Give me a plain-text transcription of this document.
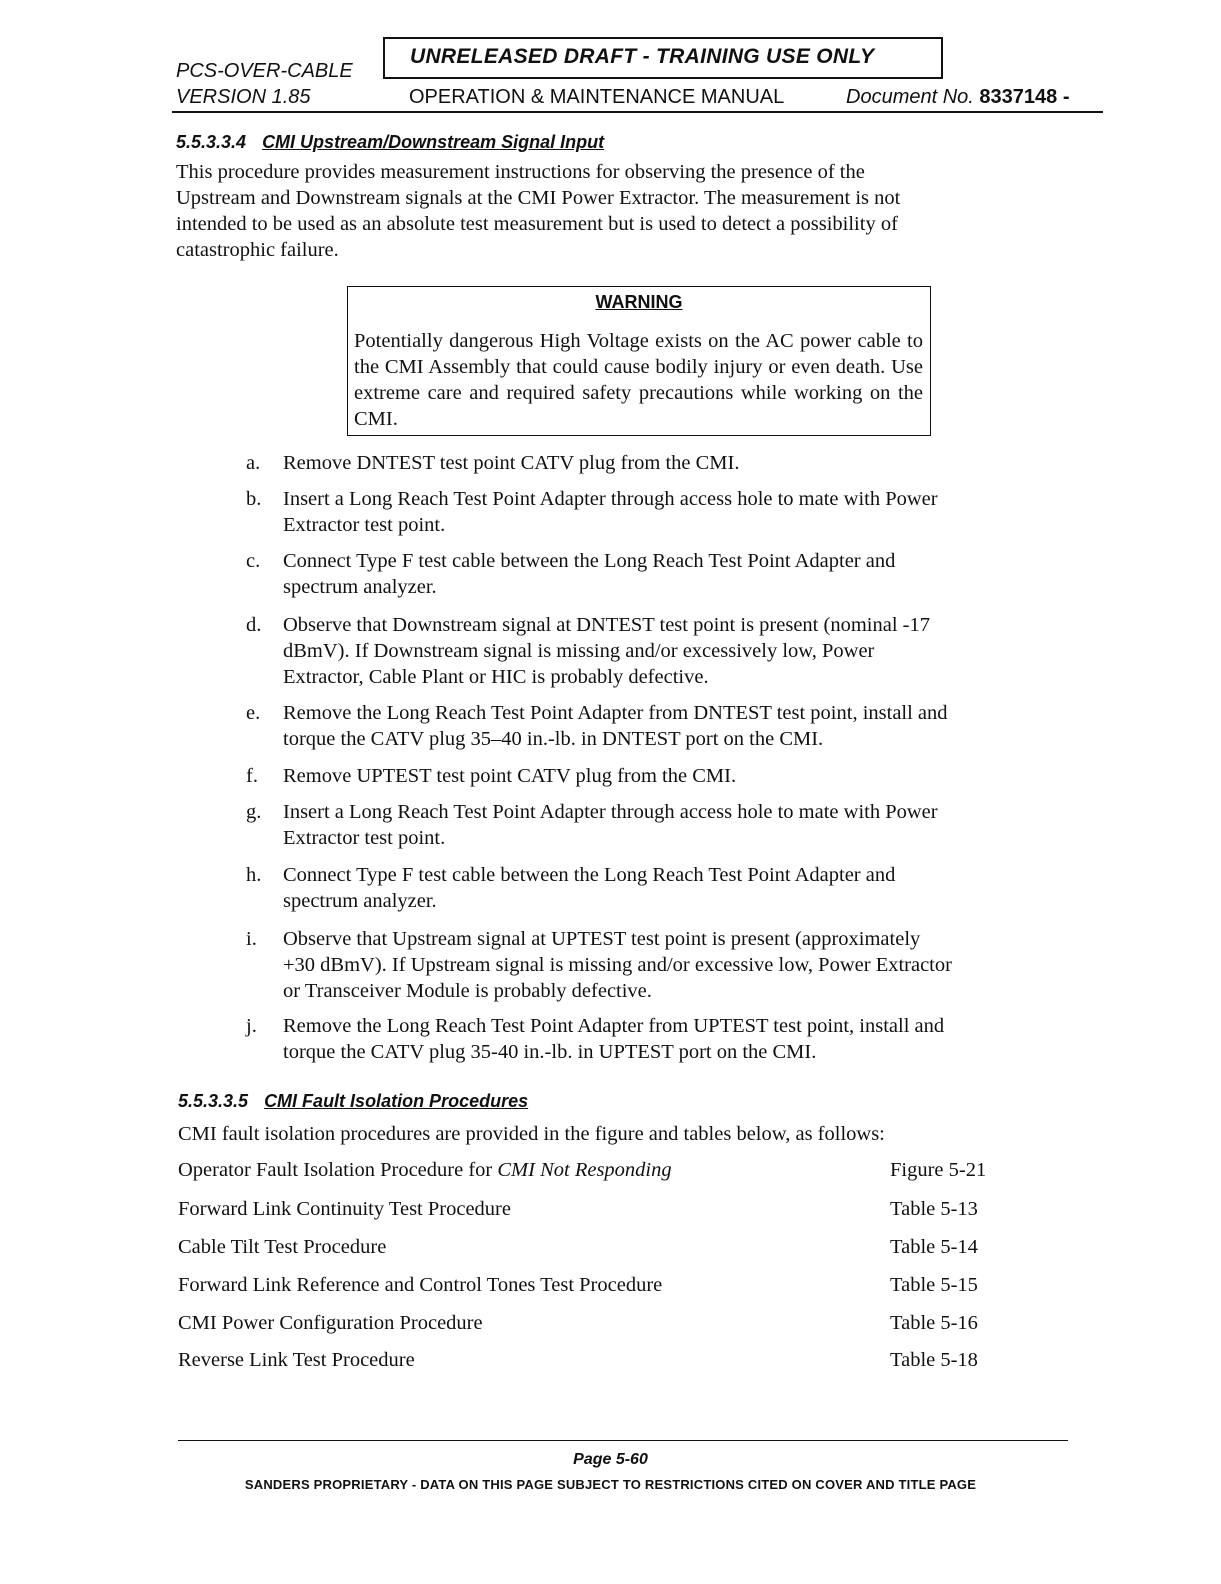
PCS-OVER-CABLE
VERSION 1.85
UNRELEASED DRAFT - TRAINING USE ONLY
OPERATION & MAINTENANCE MANUAL	Document No. 8337148 -
5.5.3.3.4 CMI Upstream/Downstream Signal Input
This procedure provides measurement instructions for observing the presence of the
Upstream and Downstream signals at the CMI Power Extractor. The measurement is not
intended to be used as an absolute test measurement but is used to detect a possibility of
catastrophic failure.
WARNING
Potentially dangerous High Voltage exists on the AC power cable to the CMI Assembly that could cause bodily injury or even death. Use extreme care and required safety precautions while working on the CMI.
a.	Remove DNTEST test point CATV plug from the CMI.
b.	Insert a Long Reach Test Point Adapter through access hole to mate with Power
Extractor test point.
c.	Connect Type F test cable between the Long Reach Test Point Adapter and
spectrum analyzer.
d.	Observe that Downstream signal at DNTEST test point is present (nominal -17
dBmV). If Downstream signal is missing and/or excessively low, Power
Extractor, Cable Plant or HIC is probably defective.
e.	Remove the Long Reach Test Point Adapter from DNTEST test point, install and
torque the CATV plug 35–40 in.-lb. in DNTEST port on the CMI.
f.	Remove UPTEST test point CATV plug from the CMI.
g.	Insert a Long Reach Test Point Adapter through access hole to mate with Power
Extractor test point.
h.	Connect Type F test cable between the Long Reach Test Point Adapter and
spectrum analyzer.
i.	Observe that Upstream signal at UPTEST test point is present (approximately
+30 dBmV). If Upstream signal is missing and/or excessive low, Power Extractor
or Transceiver Module is probably defective.
j.	Remove the Long Reach Test Point Adapter from UPTEST test point, install and
torque the CATV plug 35-40 in.-lb. in UPTEST port on the CMI.
5.5.3.3.5 CMI Fault Isolation Procedures
CMI fault isolation procedures are provided in the figure and tables below, as follows:
Operator Fault Isolation Procedure for CMI Not Responding	Figure 5-21
Forward Link Continuity Test Procedure	Table 5-13
Cable Tilt Test Procedure	Table 5-14
Forward Link Reference and Control Tones Test Procedure	Table 5-15
CMI Power Configuration Procedure	Table 5-16
Reverse Link Test Procedure	Table 5-18
Page 5-60
SANDERS PROPRIETARY - DATA ON THIS PAGE SUBJECT TO RESTRICTIONS CITED ON COVER AND TITLE PAGE
